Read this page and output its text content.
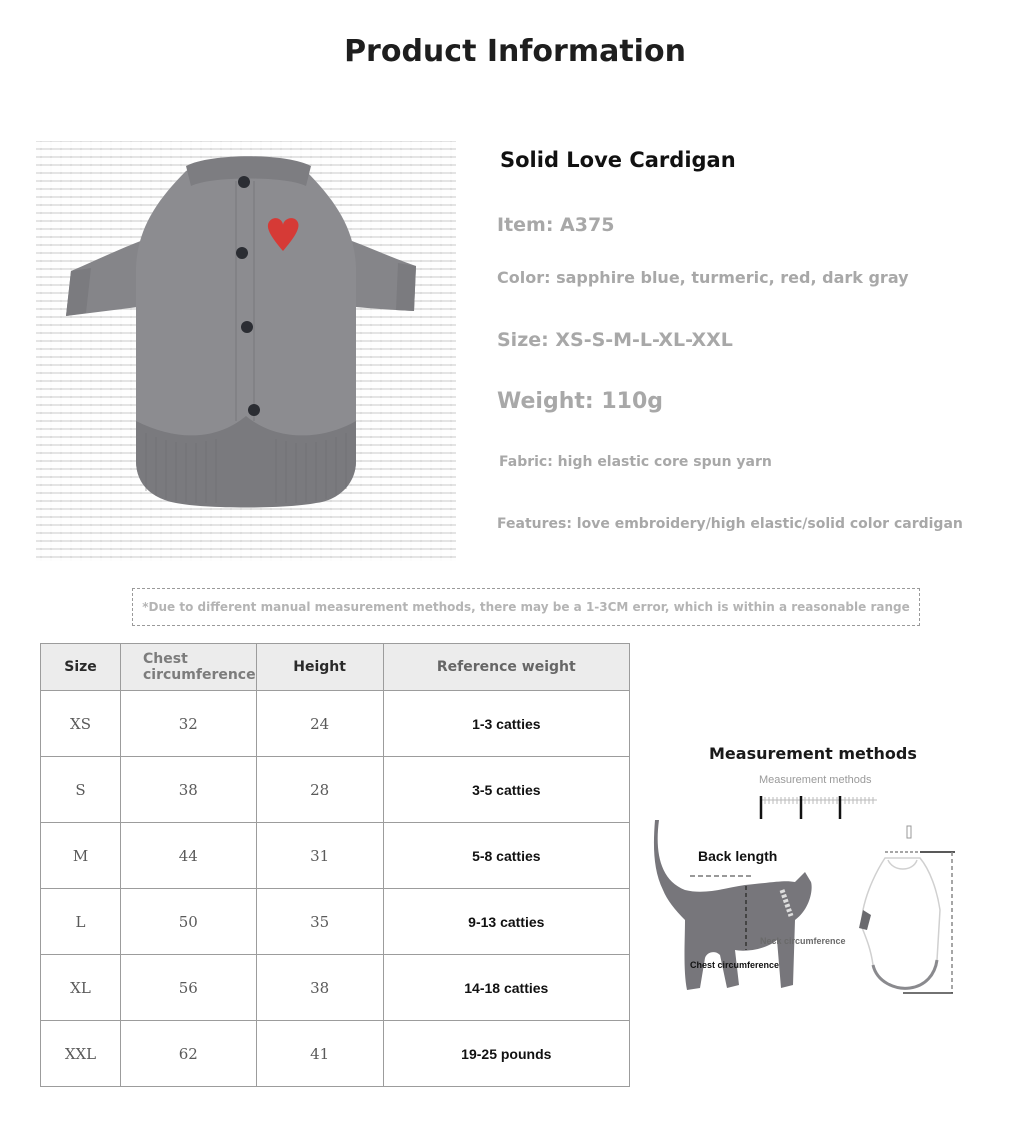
Product Information
Solid Love Cardigan
Item: A375
Color: sapphire blue, turmeric, red, dark gray
Size: XS-S-M-L-XL-XXL
Weight: 110g
Fabric: high elastic core spun yarn
Features: love embroidery/high elastic/solid color cardigan
*Due to different manual measurement methods, there may be a 1-3CM error, which is within a reasonable range
Size	Chest circumference	Height	Reference weight
XS	32	24	1-3 catties
S	38	28	3-5 catties
M	44	31	5-8 catties
L	50	35	9-13 catties
XL	56	38	14-18 catties
XXL	62	41	19-25 pounds
Measurement methods
Measurement methods
Back length
Neck circumference
Chest circumference
